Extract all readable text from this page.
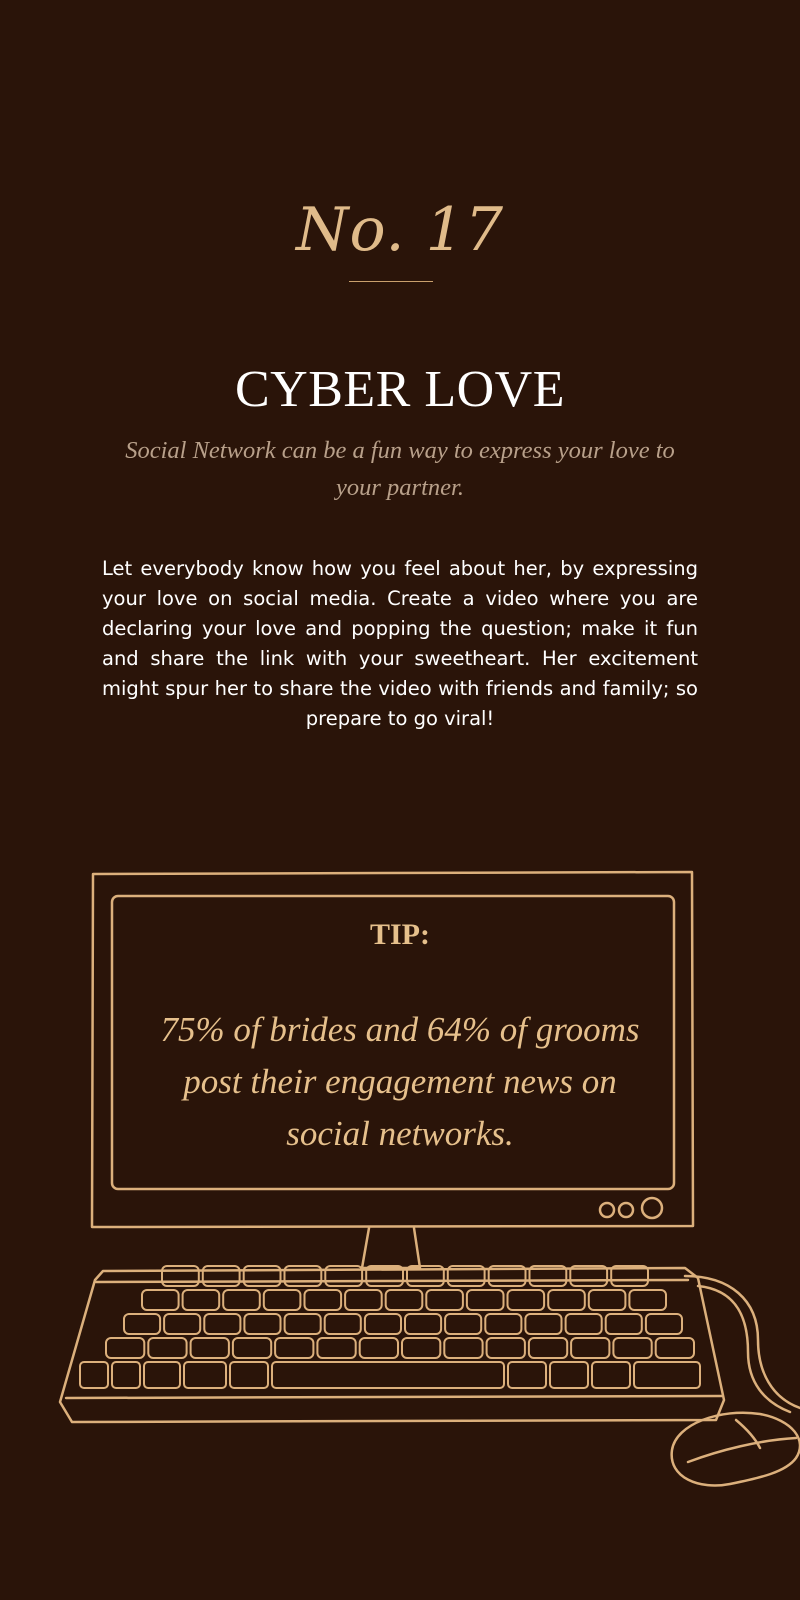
No. 17
CYBER LOVE
Social Network can be a fun way to express your love to your partner.
Let everybody know how you feel about her, by expressing your love on social media. Create a video where you are declaring your love and popping the question; make it fun and share the link with your sweetheart. Her excitement might spur her to share the video with friends and family; so prepare to go viral!
TIP:
75% of brides and 64% of grooms post their engagement news on social networks.
